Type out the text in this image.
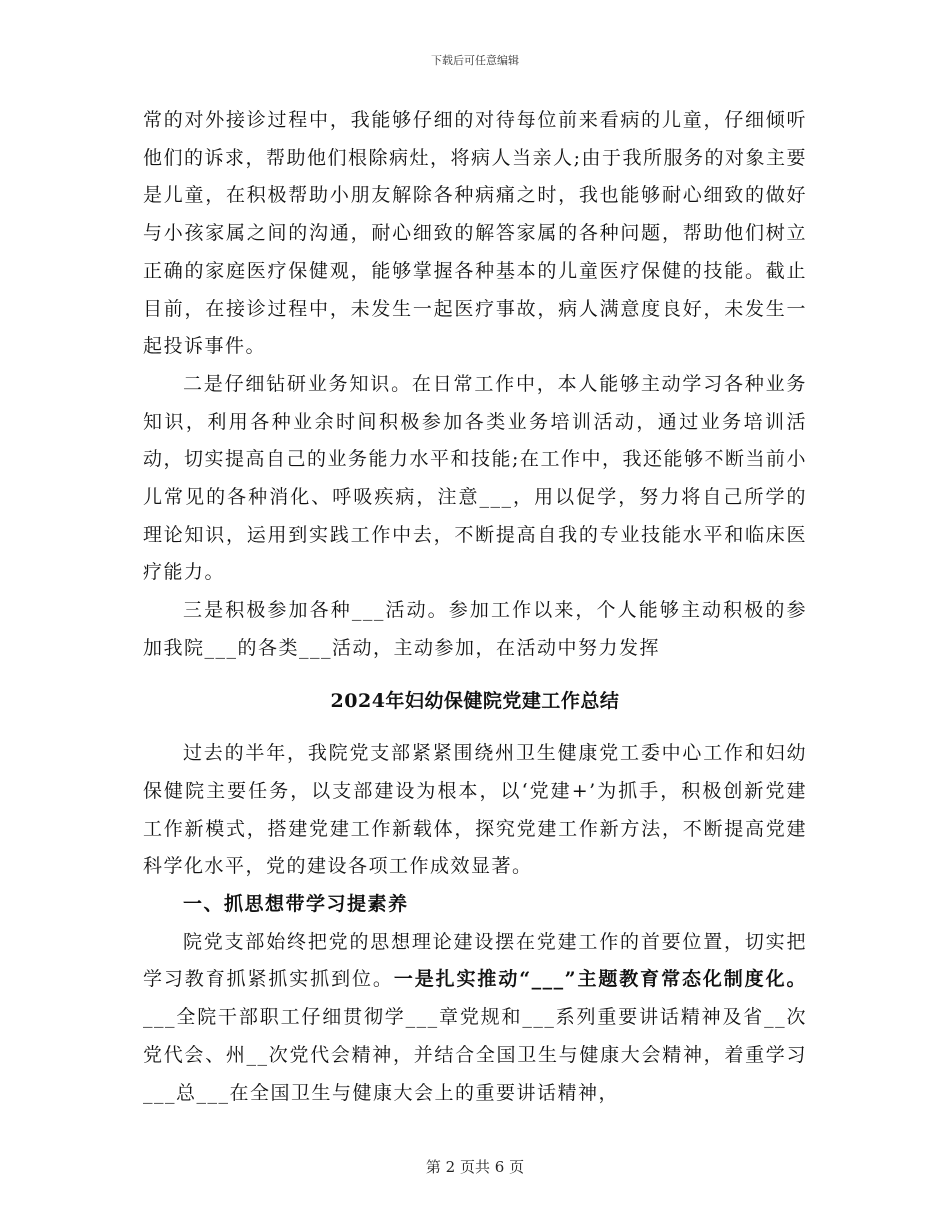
下载后可任意编辑

常的对外接诊过程中，我能够仔细的对待每位前来看病的儿童，仔细倾听他们的诉求，帮助他们根除病灶，将病人当亲人;由于我所服务的对象主要是儿童，在积极帮助小朋友解除各种病痛之时，我也能够耐心细致的做好与小孩家属之间的沟通，耐心细致的解答家属的各种问题，帮助他们树立正确的家庭医疗保健观，能够掌握各种基本的儿童医疗保健的技能。截止目前，在接诊过程中，未发生一起医疗事故，病人满意度良好，未发生一起投诉事件。

二是仔细钻研业务知识。在日常工作中，本人能够主动学习各种业务知识，利用各种业余时间积极参加各类业务培训活动，通过业务培训活动，切实提高自己的业务能力水平和技能;在工作中，我还能够不断当前小儿常见的各种消化、呼吸疾病，注意___，用以促学，努力将自己所学的理论知识，运用到实践工作中去，不断提高自我的专业技能水平和临床医疗能力。

三是积极参加各种___活动。参加工作以来，个人能够主动积极的参加我院___的各类___活动，主动参加，在活动中努力发挥

2024年妇幼保健院党建工作总结

过去的半年，我院党支部紧紧围绕州卫生健康党工委中心工作和妇幼保健院主要任务，以支部建设为根本，以‘党建+’为抓手，积极创新党建工作新模式，搭建党建工作新载体，探究党建工作新方法，不断提高党建科学化水平，党的建设各项工作成效显著。

一、抓思想带学习提素养

院党支部始终把党的思想理论建设摆在党建工作的首要位置，切实把学习教育抓紧抓实抓到位。一是扎实推动“___”主题教育常态化制度化。___全院干部职工仔细贯彻学___章党规和___系列重要讲话精神及省__次党代会、州__次党代会精神，并结合全国卫生与健康大会精神，着重学习___总___在全国卫生与健康大会上的重要讲话精神，

第 2 页共 6 页
